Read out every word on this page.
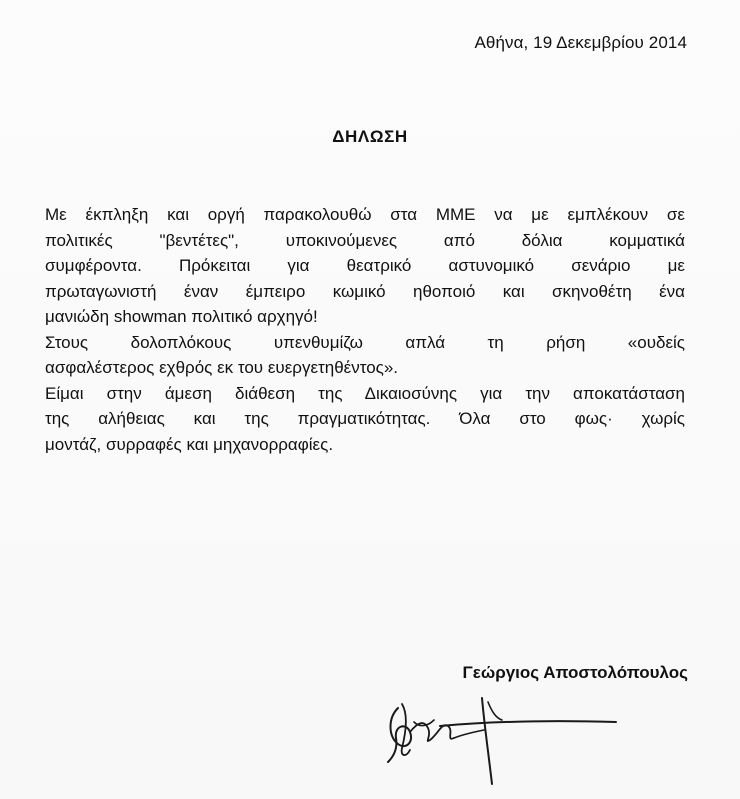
Αθήνα, 19 Δεκεμβρίου 2014
ΔΗΛΩΣΗ
Με έκπληξη και οργή παρακολουθώ στα ΜΜΕ να με εμπλέκουν σε
πολιτικές "βεντέτες", υποκινούμενες από δόλια κομματικά
συμφέροντα. Πρόκειται για θεατρικό αστυνομικό σενάριο με
πρωταγωνιστή έναν έμπειρο κωμικό ηθοποιό και σκηνοθέτη ένα
μανιώδη showman πολιτικό αρχηγό!
Στους δολοπλόκους υπενθυμίζω απλά τη ρήση «ουδείς
ασφαλέστερος εχθρός εκ του ευεργετηθέντος».
Είμαι στην άμεση διάθεση της Δικαιοσύνης για την αποκατάσταση
της αλήθειας και της πραγματικότητας. Όλα στο φως· χωρίς
μοντάζ, συρραφές και μηχανορραφίες.
Γεώργιος Αποστολόπουλος
